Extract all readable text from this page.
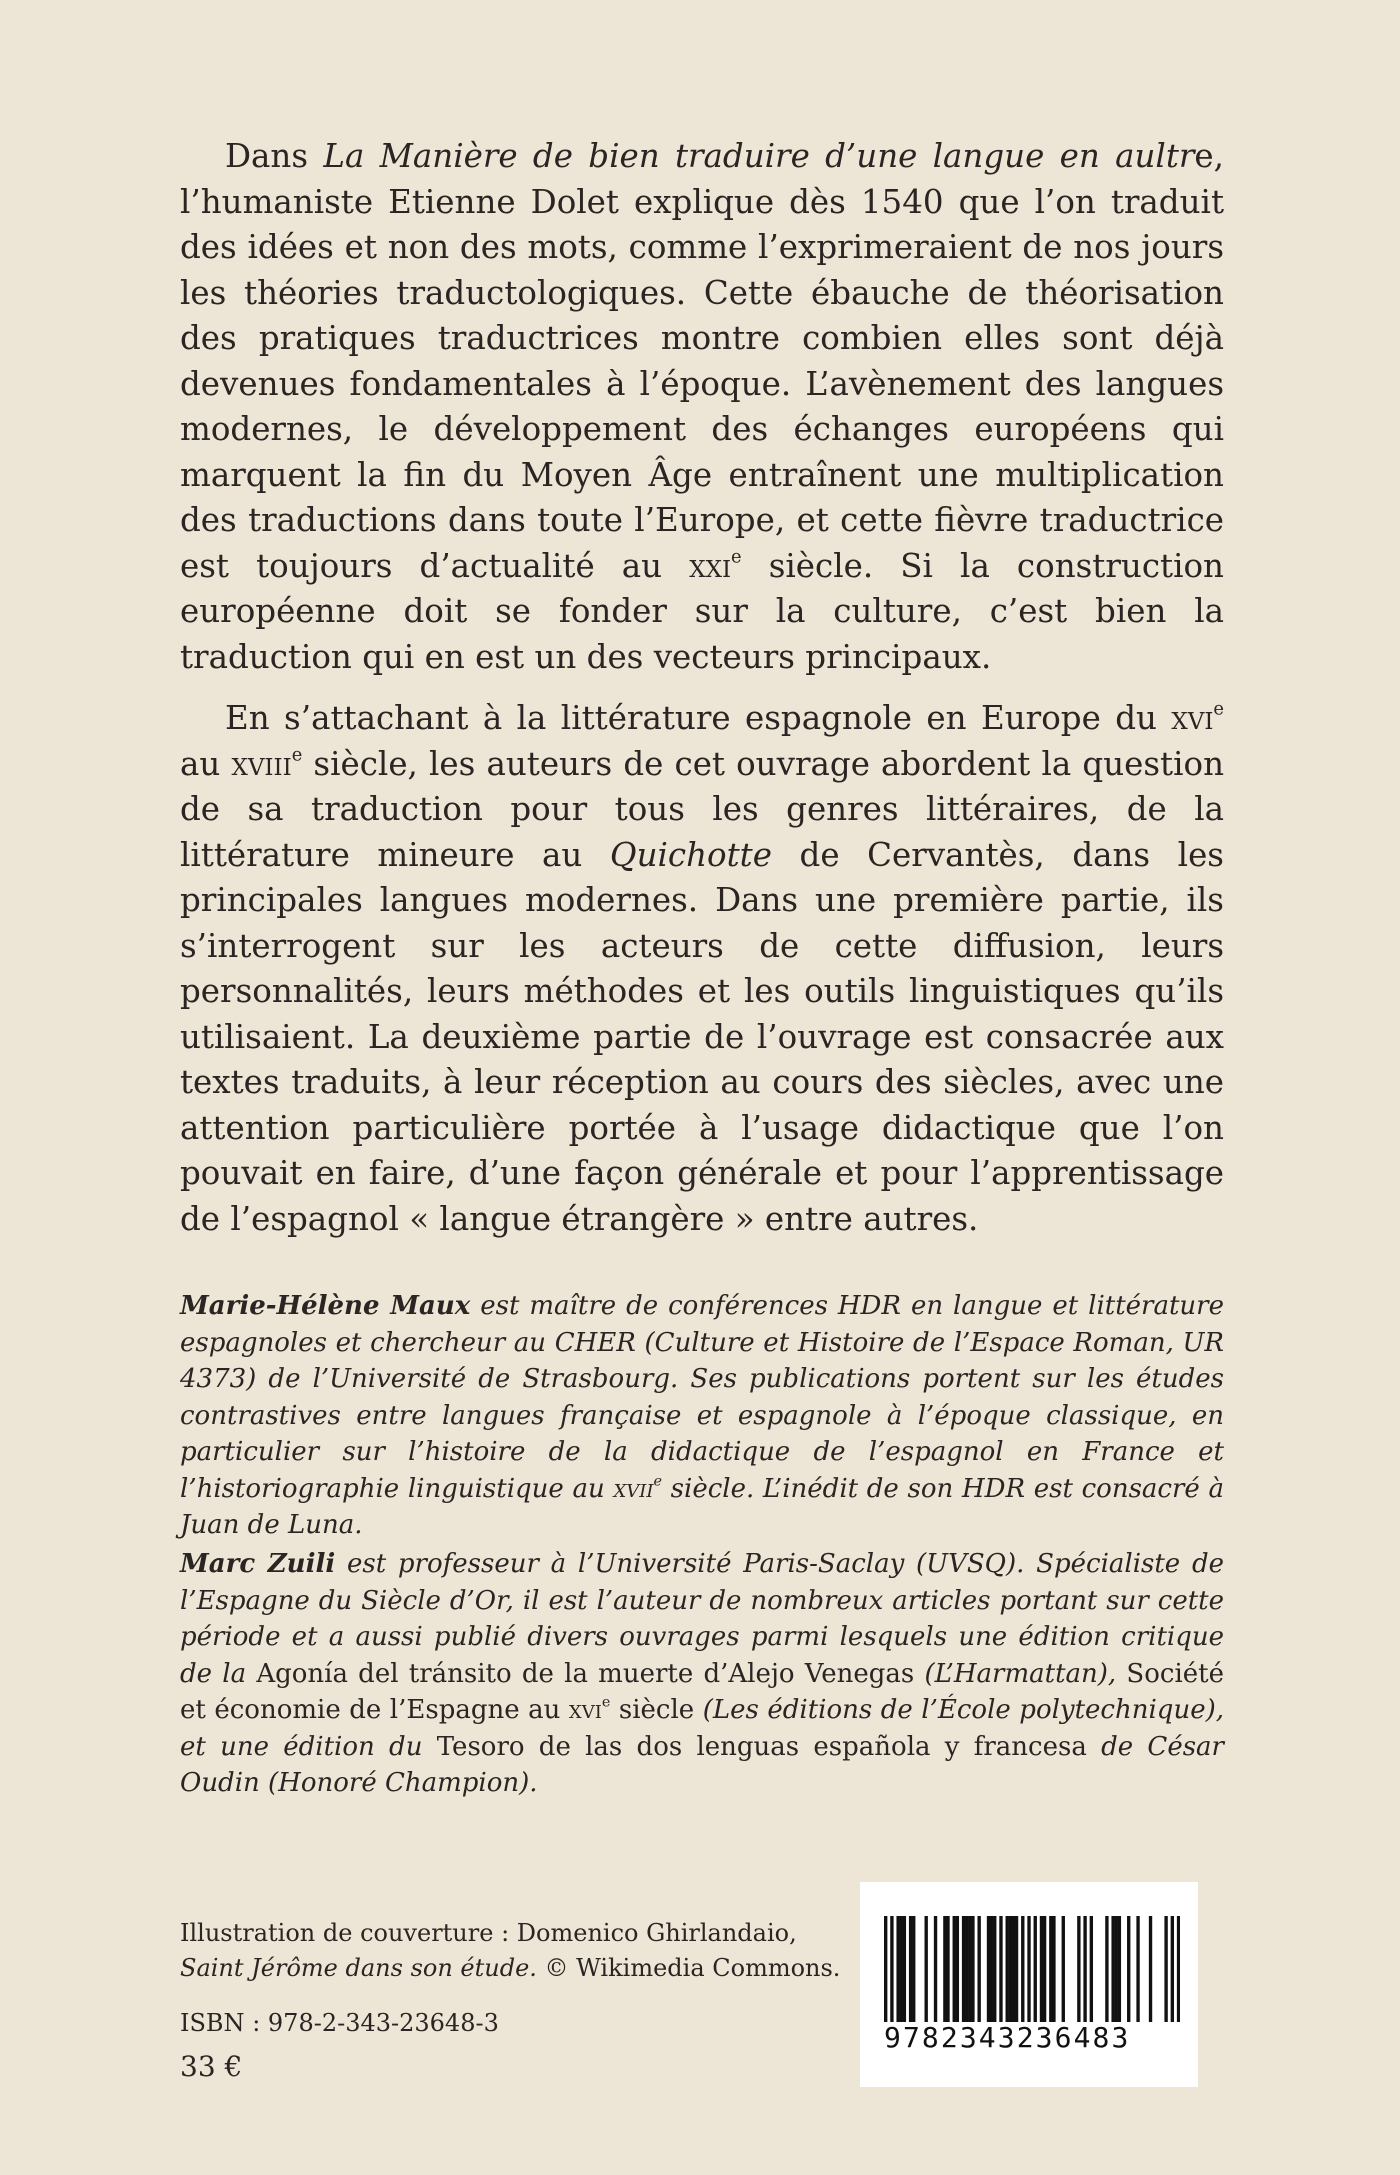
Dans La Manière de bien traduire d’une langue en aultre, l’humaniste Etienne Dolet explique dès 1540 que l’on traduit des idées et non des mots, comme l’exprimeraient de nos jours les théories traductologiques. Cette ébauche de théorisation des pratiques traductrices montre combien elles sont déjà devenues fondamentales à l’époque. L’avènement des langues modernes, le développement des échanges européens qui marquent la fin du Moyen Âge entraînent une multiplication des traductions dans toute l’Europe, et cette fièvre traductrice est toujours d’actualité au xxi$^e$ siècle. Si la construction européenne doit se fonder sur la culture, c’est bien la traduction qui en est un des vecteurs principaux.

En s’attachant à la littérature espagnole en Europe du xvi$^e$ au xviii$^e$ siècle, les auteurs de cet ouvrage abordent la question de sa traduction pour tous les genres littéraires, de la littérature mineure au Quichotte de Cervantès, dans les principales langues modernes. Dans une première partie, ils s’interrogent sur les acteurs de cette diffusion, leurs personnalités, leurs méthodes et les outils linguistiques qu’ils utilisaient. La deuxième partie de l’ouvrage est consacrée aux textes traduits, à leur réception au cours des siècles, avec une attention particulière portée à l’usage didactique que l’on pouvait en faire, d’une façon générale et pour l’apprentissage de l’espagnol « langue étrangère » entre autres.

Marie-Hélène Maux est maître de conférences HDR en langue et littérature espagnoles et chercheur au CHER (Culture et Histoire de l’Espace Roman, UR 4373) de l’Université de Strasbourg. Ses publications portent sur les études contrastives entre langues française et espagnole à l’époque classique, en particulier sur l’histoire de la didactique de l’espagnol en France et l’historiographie linguistique au xvii$^e$ siècle. L’inédit de son HDR est consacré à Juan de Luna.

Marc Zuili est professeur à l’Université Paris-Saclay (UVSQ). Spécialiste de l’Espagne du Siècle d’Or, il est l’auteur de nombreux articles portant sur cette période et a aussi publié divers ouvrages parmi lesquels une édition critique de la Agonía del tránsito de la muerte d’Alejo Venegas (L’Harmattan), Société et économie de l’Espagne au xvi$^e$ siècle (Les éditions de l’École polytechnique), et une édition du Tesoro de las dos lenguas española y francesa de César Oudin (Honoré Champion).

Illustration de couverture : Domenico Ghirlandaio,
Saint Jérôme dans son étude. © Wikimedia Commons.

ISBN : 978-2-343-23648-3

33 €

9782343236483
